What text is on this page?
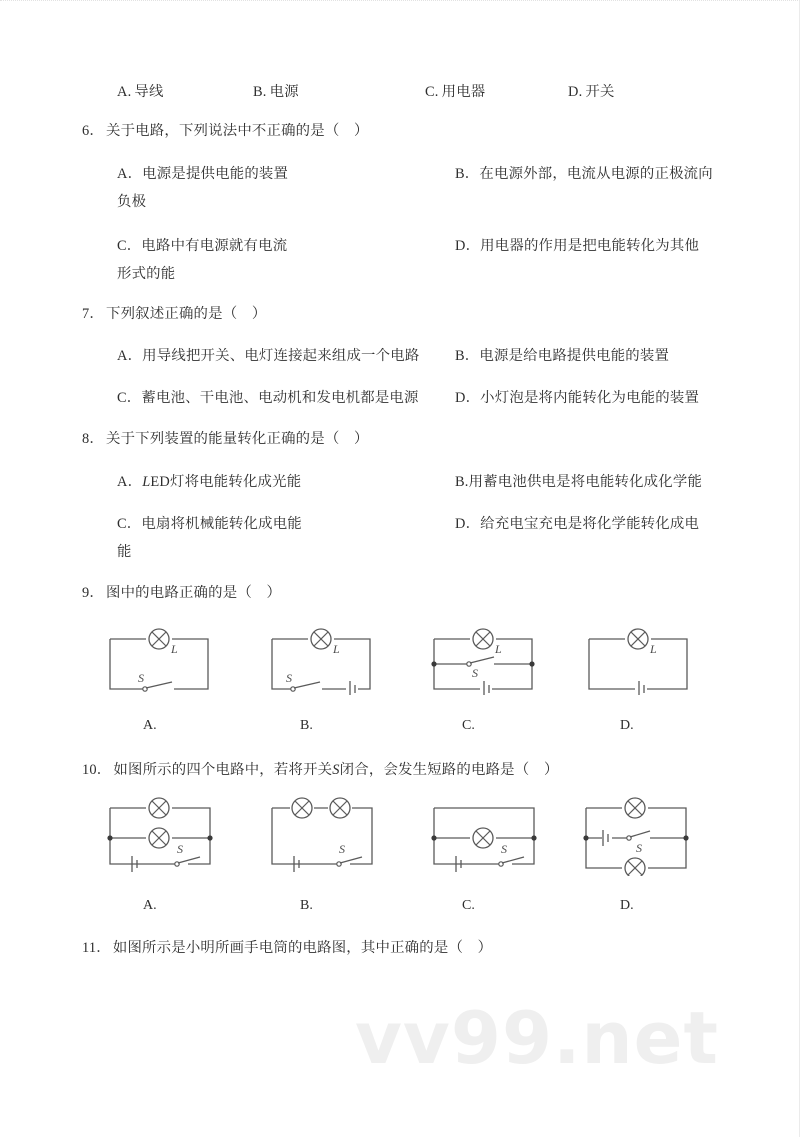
vv99.net
A. 导线	B. 电源	C. 用电器	D. 开关
6． 关于电路，下列说法中不正确的是（　）
A．电源是提供电能的装置	B．在电源外部，电流从电源的正极流向
负极
C．电路中有电源就有电流	D．用电器的作用是把电能转化为其他
形式的能
7． 下列叙述正确的是（　）
A．用导线把开关、电灯连接起来组成一个电路 B．电源是给电路提供电能的装置
C．蓄电池、干电池、电动机和发电机都是电源	D．小灯泡是将内能转化为电能的装置
8． 关于下列装置的能量转化正确的是（　）
A．LED灯将电能转化成光能	B.用蓄电池供电是将电能转化成化学能
C．电扇将机械能转化成电能	D．给充电宝充电是将化学能转化成电
能
9． 图中的电路正确的是（　）
L
S
L
S
L
S
L
A.	B.	C.	D.
10． 如图所示的四个电路中，若将开关S闭合，会发生短路的电路是（　）
S	S	S	S
A.	B.	C.	D.
11． 如图所示是小明所画手电筒的电路图，其中正确的是（　）
